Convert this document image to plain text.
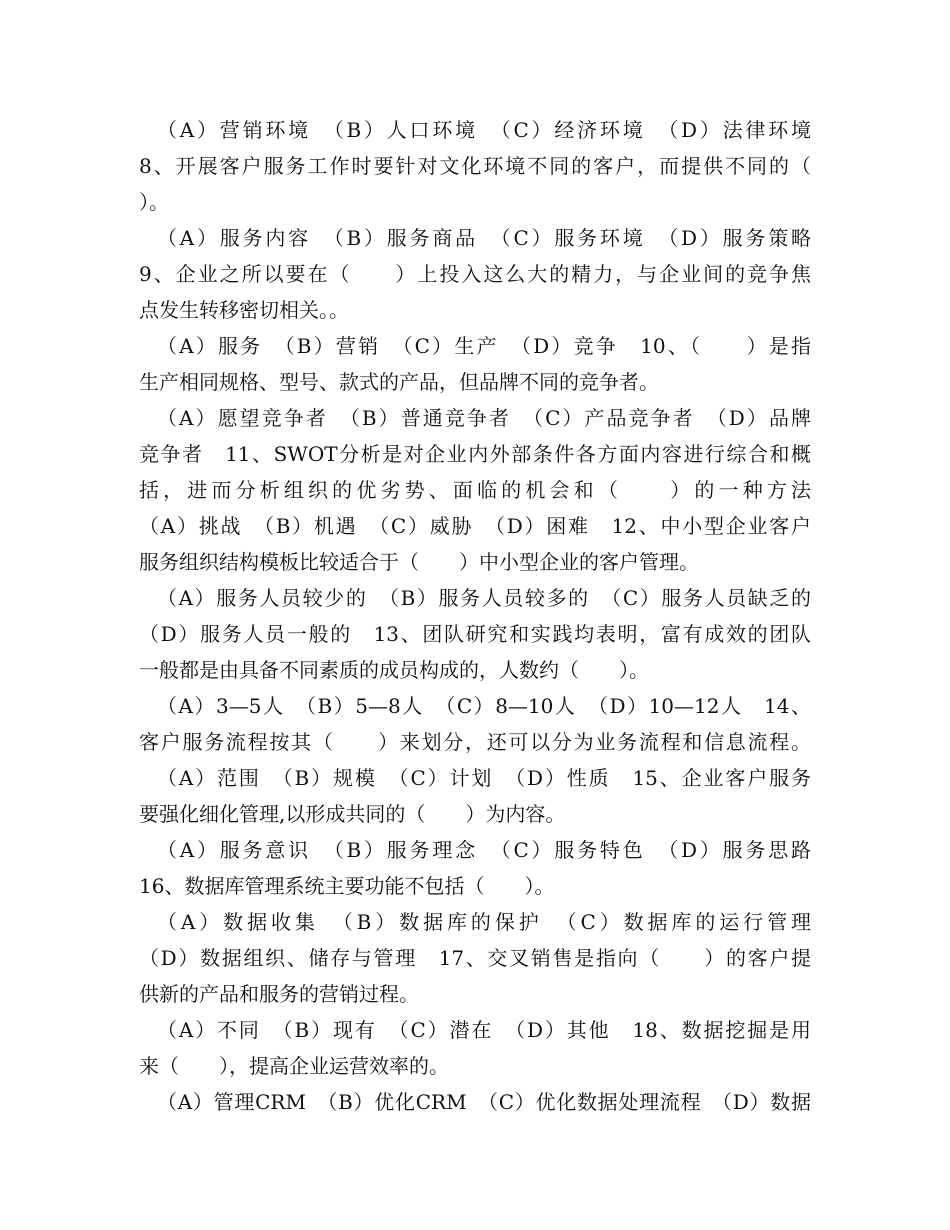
（A）营销环境　（B）人口环境　（C）经济环境　（D）法律环境
8、开展客户服务工作时要针对文化环境不同的客户，而提供不同的（
）。
（A）服务内容　（B）服务商品　（C）服务环境　（D）服务策略
9、企业之所以要在（　　）上投入这么大的精力，与企业间的竞争焦
点发生转移密切相关。。
（A）服务　（B）营销　（C）生产　（D）竞争　10、（　　）是指
生产相同规格、型号、款式的产品，但品牌不同的竞争者。
（A）愿望竞争者　（B）普通竞争者　（C）产品竞争者　（D）品牌
竞争者　11、SWOT分析是对企业内外部条件各方面内容进行综合和概
括，进而分析组织的优劣势、面临的机会和（　　）的一种方法
（A）挑战　（B）机遇　（C）威胁　（D）困难　12、中小型企业客户
服务组织结构模板比较适合于（　　）中小型企业的客户管理。
（A）服务人员较少的　（B）服务人员较多的　（C）服务人员缺乏的
（D）服务人员一般的　13、团队研究和实践均表明，富有成效的团队
一般都是由具备不同素质的成员构成的，人数约（　　）。
（A）3—5人　（B）5—8人　（C）8—10人　（D）10—12人　14、
客户服务流程按其（　　）来划分，还可以分为业务流程和信息流程。
（A）范围　（B）规模　（C）计划　（D）性质　15、企业客户服务
要强化细化管理,以形成共同的（　　）为内容。
（A）服务意识　（B）服务理念　（C）服务特色　（D）服务思路
16、数据库管理系统主要功能不包括（　　）。
（A）数据收集　（B）数据库的保护　（C）数据库的运行管理
（D）数据组织、储存与管理　17、交叉销售是指向（　　）的客户提
供新的产品和服务的营销过程。
（A）不同　（B）现有　（C）潜在　（D）其他　18、数据挖掘是用
来（　　），提高企业运营效率的。
（A）管理CRM　（B）优化CRM　（C）优化数据处理流程　（D）数据
